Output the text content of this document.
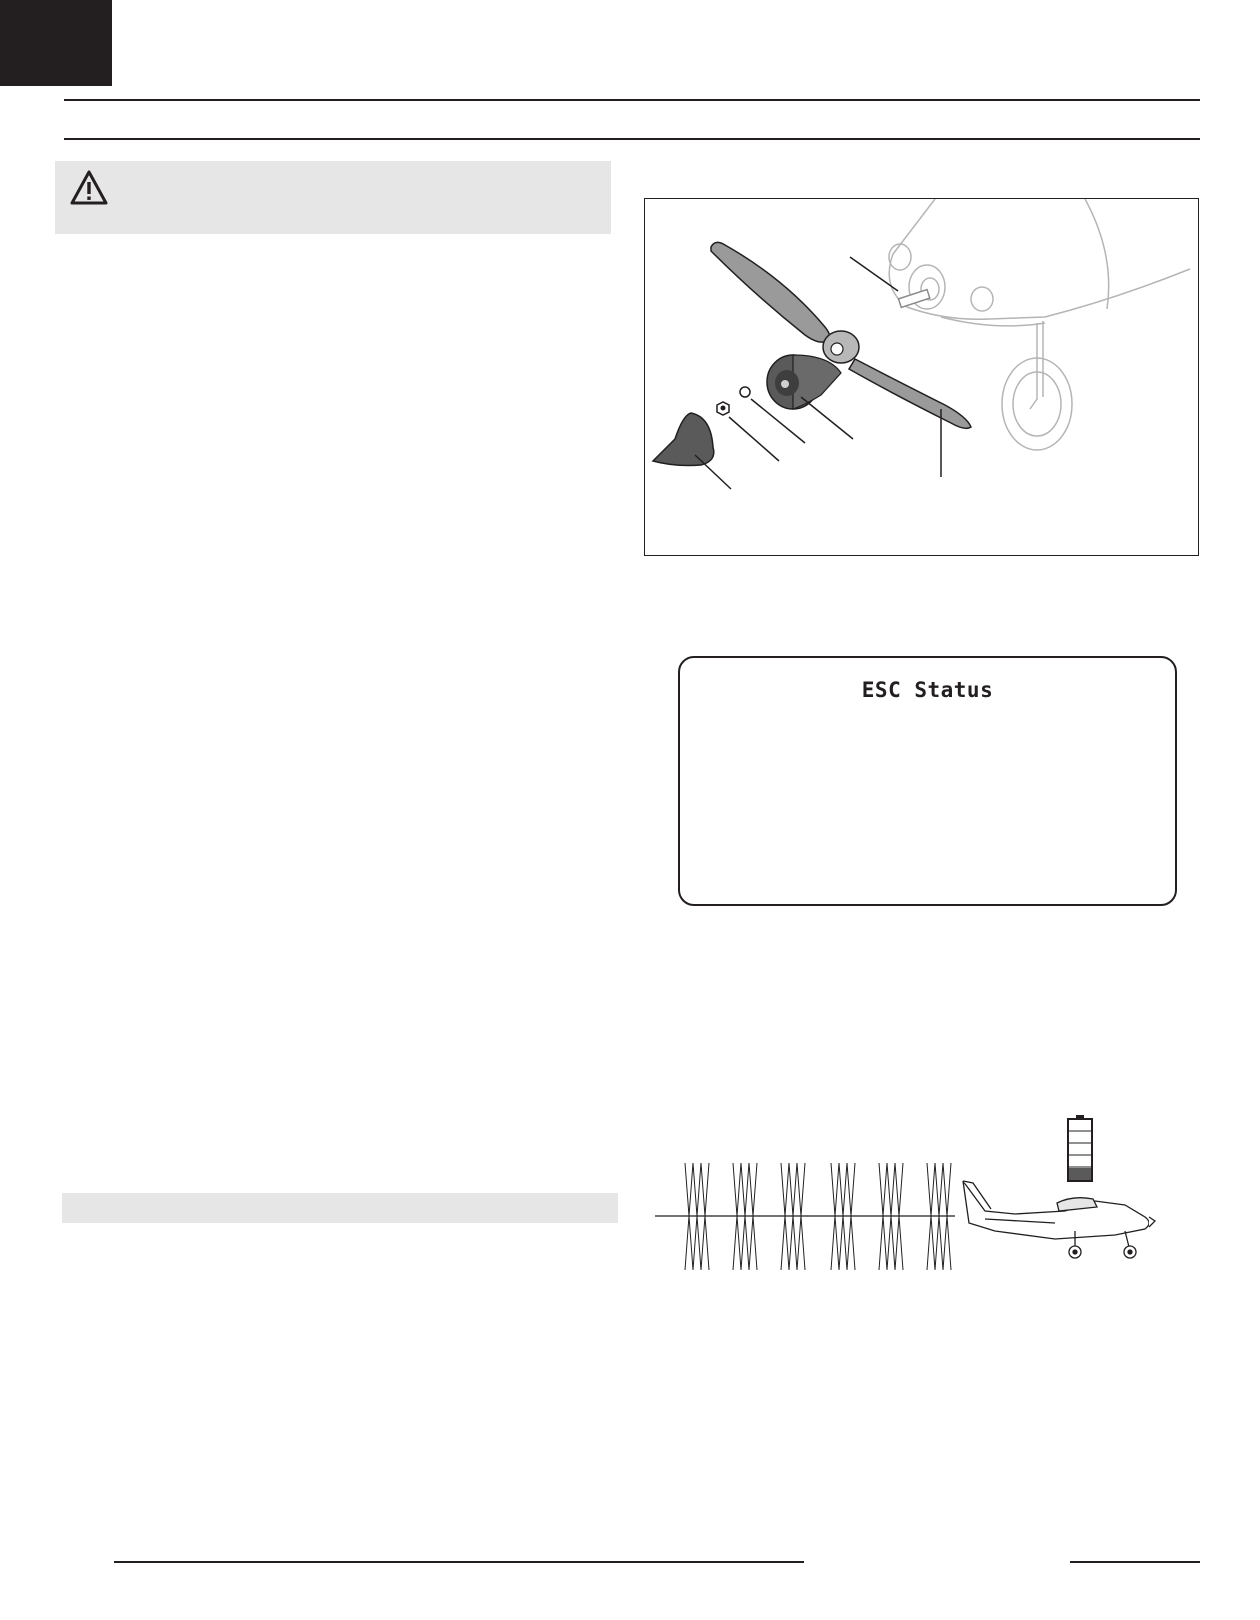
ESC Status
